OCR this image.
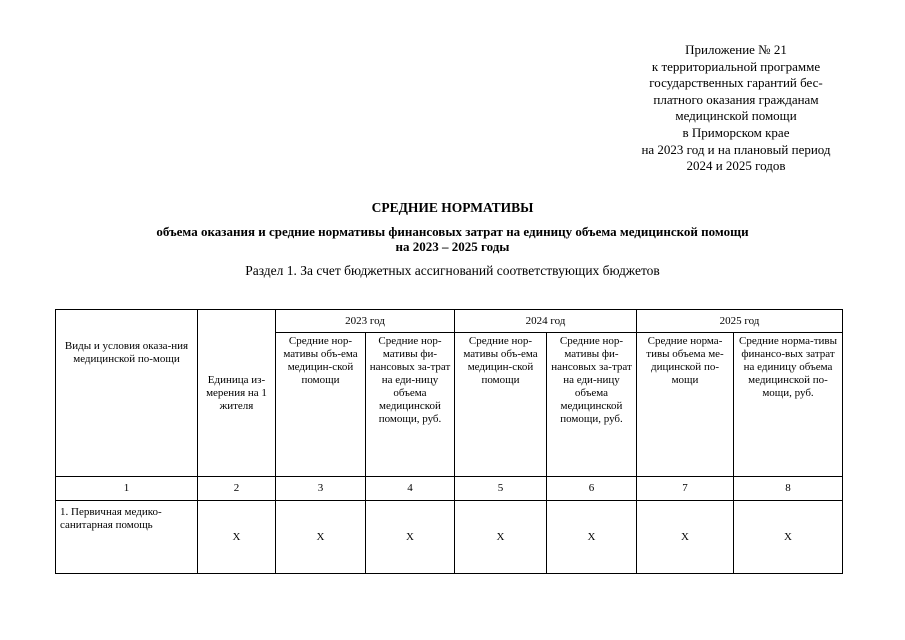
Приложение № 21
к территориальной программе
государственных гарантий бес-
платного оказания гражданам
медицинской помощи
в Приморском крае
на 2023 год и на плановый период
2024 и 2025 годов
СРЕДНИЕ НОРМАТИВЫ
объема оказания и средние нормативы финансовых затрат на единицу объема медицинской помощи
на 2023 – 2025 годы
Раздел 1. За счет бюджетных ассигнований соответствующих бюджетов
Виды и условия оказа-ния медицинской по-мощи	Единица из-мерения на 1 жителя	2023 год		2024 год		2025 год	
		Средние нор-мативы объ-ема медицин-ской помощи	Средние нор-мативы фи-нансовых за-трат на еди-ницу объема медицинской помощи, руб.	Средние нор-мативы объ-ема медицин-ской помощи	Средние нор-мативы фи-нансовых за-трат на еди-ницу объема медицинской помощи, руб.	Средние норма-тивы объема ме-дицинской по-мощи	Средние норма-тивы финансо-вых затрат на единицу объема медицинской по-мощи, руб.
1	2	3	4	5	6	7	8
1. Первичная медико-санитарная помощь	Х	Х	Х	Х	Х	Х	Х
